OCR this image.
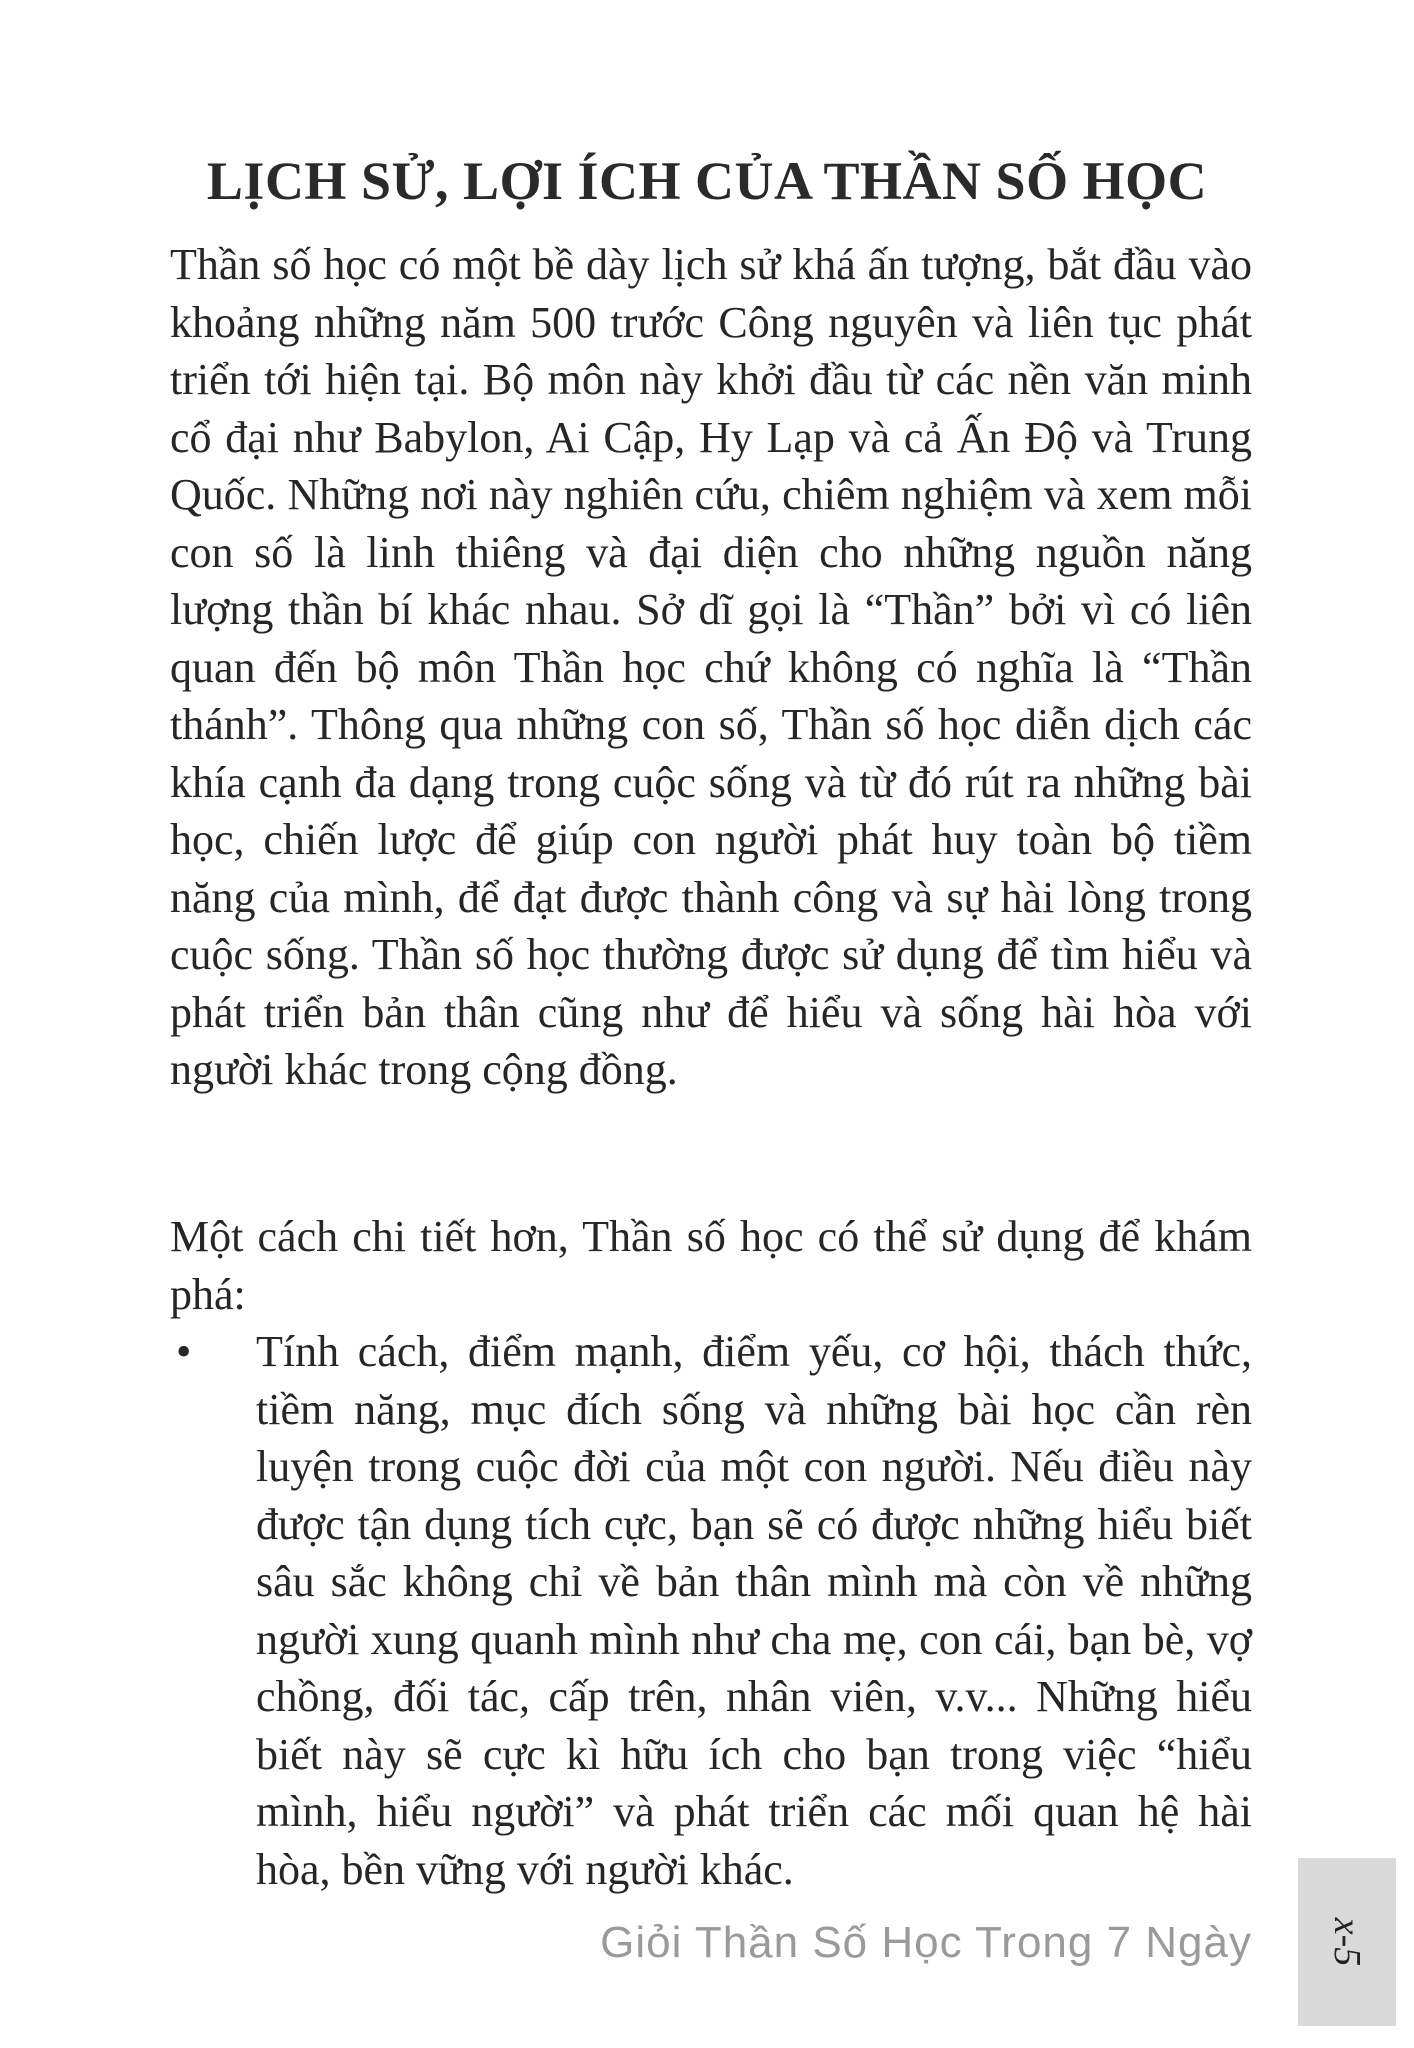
LỊCH SỬ, LỢI ÍCH CỦA THẦN SỐ HỌC
Thần số học có một bề dày lịch sử khá ấn tượng, bắt đầu vào khoảng những năm 500 trước Công nguyên và liên tục phát triển tới hiện tại. Bộ môn này khởi đầu từ các nền văn minh cổ đại như Babylon, Ai Cập, Hy Lạp và cả Ấn Độ và Trung Quốc. Những nơi này nghiên cứu, chiêm nghiệm và xem mỗi con số là linh thiêng và đại diện cho những nguồn năng lượng thần bí khác nhau. Sở dĩ gọi là “Thần” bởi vì có liên quan đến bộ môn Thần học chứ không có nghĩa là “Thần thánh”. Thông qua những con số, Thần số học diễn dịch các khía cạnh đa dạng trong cuộc sống và từ đó rút ra những bài học, chiến lược để giúp con người phát huy toàn bộ tiềm năng của mình, để đạt được thành công và sự hài lòng trong cuộc sống. Thần số học thường được sử dụng để tìm hiểu và phát triển bản thân cũng như để hiểu và sống hài hòa với người khác trong cộng đồng.
Một cách chi tiết hơn, Thần số học có thể sử dụng để khám phá:
•	Tính cách, điểm mạnh, điểm yếu, cơ hội, thách thức, tiềm năng, mục đích sống và những bài học cần rèn luyện trong cuộc đời của một con người. Nếu điều này được tận dụng tích cực, bạn sẽ có được những hiểu biết sâu sắc không chỉ về bản thân mình mà còn về những người xung quanh mình như cha mẹ, con cái, bạn bè, vợ chồng, đối tác, cấp trên, nhân viên, v.v... Những hiểu biết này sẽ cực kì hữu ích cho bạn trong việc “hiểu mình, hiểu người” và phát triển các mối quan hệ hài hòa, bền vững với người khác.
Giỏi Thần Số Học Trong 7 Ngày x-5
